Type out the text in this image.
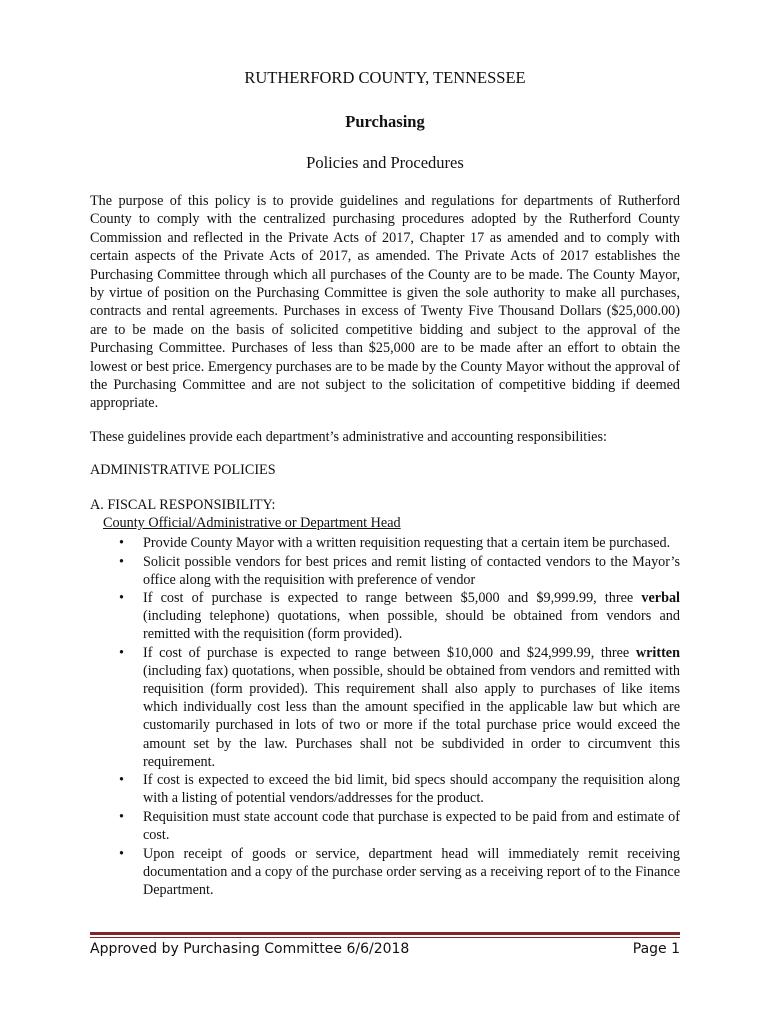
RUTHERFORD COUNTY, TENNESSEE
Purchasing
Policies and Procedures
The purpose of this policy is to provide guidelines and regulations for departments of Rutherford County to comply with the centralized purchasing procedures adopted by the Rutherford County Commission and reflected in the Private Acts of 2017, Chapter 17 as amended and to comply with certain aspects of the Private Acts of 2017, as amended. The Private Acts of 2017 establishes the Purchasing Committee through which all purchases of the County are to be made. The County Mayor, by virtue of position on the Purchasing Committee is given the sole authority to make all purchases, contracts and rental agreements. Purchases in excess of Twenty Five Thousand Dollars ($25,000.00) are to be made on the basis of solicited competitive bidding and subject to the approval of the Purchasing Committee. Purchases of less than $25,000 are to be made after an effort to obtain the lowest or best price. Emergency purchases are to be made by the County Mayor without the approval of the Purchasing Committee and are not subject to the solicitation of competitive bidding if deemed appropriate.
These guidelines provide each department’s administrative and accounting responsibilities:
ADMINISTRATIVE POLICIES
A. FISCAL RESPONSIBILITY:
County Official/Administrative or Department Head
• Provide County Mayor with a written requisition requesting that a certain item be purchased.
• Solicit possible vendors for best prices and remit listing of contacted vendors to the Mayor’s office along with the requisition with preference of vendor
• If cost of purchase is expected to range between $5,000 and $9,999.99, three verbal (including telephone) quotations, when possible, should be obtained from vendors and remitted with the requisition (form provided).
• If cost of purchase is expected to range between $10,000 and $24,999.99, three written (including fax) quotations, when possible, should be obtained from vendors and remitted with requisition (form provided). This requirement shall also apply to purchases of like items which individually cost less than the amount specified in the applicable law but which are customarily purchased in lots of two or more if the total purchase price would exceed the amount set by the law. Purchases shall not be subdivided in order to circumvent this requirement.
• If cost is expected to exceed the bid limit, bid specs should accompany the requisition along with a listing of potential vendors/addresses for the product.
• Requisition must state account code that purchase is expected to be paid from and estimate of cost.
• Upon receipt of goods or service, department head will immediately remit receiving documentation and a copy of the purchase order serving as a receiving report of to the Finance Department.
Approved by Purchasing Committee 6/6/2018	Page 1
